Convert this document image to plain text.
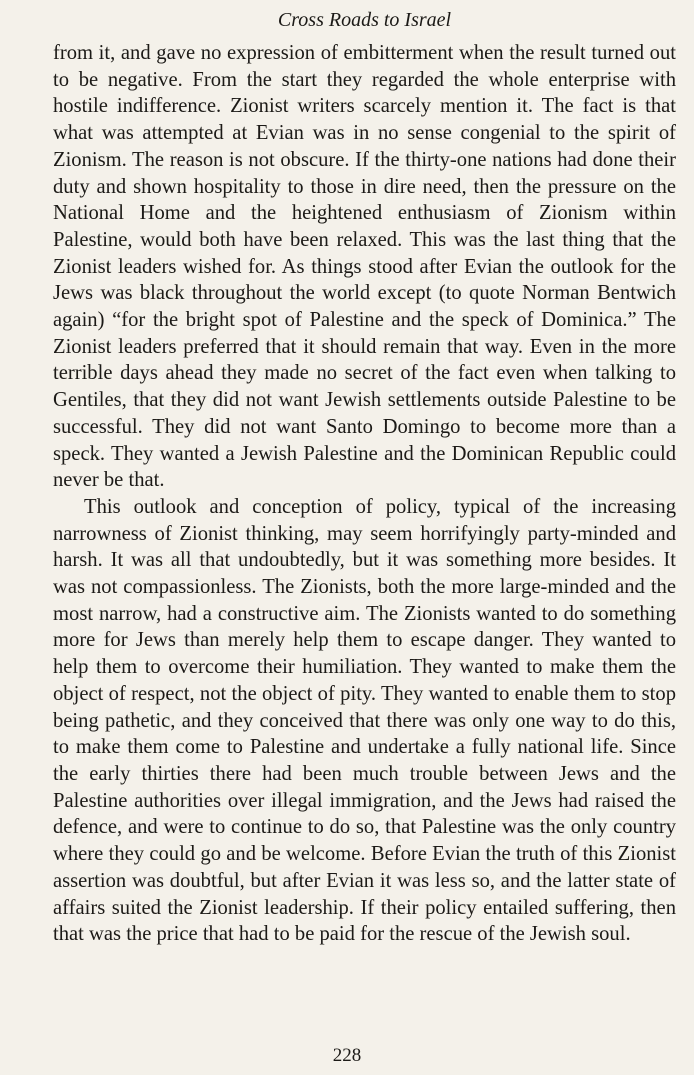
Cross Roads to Israel

from it, and gave no expression of embitterment when the result turned out to be negative. From the start they regarded the whole enterprise with hostile indifference. Zionist writers scarcely mention it. The fact is that what was attempted at Evian was in no sense congenial to the spirit of Zionism. The reason is not obscure. If the thirty-one nations had done their duty and shown hospitality to those in dire need, then the pressure on the National Home and the heightened enthusiasm of Zionism within Palestine, would both have been relaxed. This was the last thing that the Zionist leaders wished for. As things stood after Evian the outlook for the Jews was black throughout the world except (to quote Norman Bentwich again) “for the bright spot of Palestine and the speck of Dominica.” The Zionist leaders preferred that it should remain that way. Even in the more terrible days ahead they made no secret of the fact even when talking to Gentiles, that they did not want Jewish settlements outside Palestine to be successful. They did not want Santo Domingo to become more than a speck. They wanted a Jewish Palestine and the Dominican Republic could never be that.

This outlook and conception of policy, typical of the increasing narrowness of Zionist thinking, may seem horrifyingly party-minded and harsh. It was all that undoubtedly, but it was something more besides. It was not compassionless. The Zionists, both the more large-minded and the most narrow, had a constructive aim. The Zionists wanted to do something more for Jews than merely help them to escape danger. They wanted to help them to overcome their humiliation. They wanted to make them the object of respect, not the object of pity. They wanted to enable them to stop being pathetic, and they conceived that there was only one way to do this, to make them come to Palestine and undertake a fully national life. Since the early thirties there had been much trouble between Jews and the Palestine authorities over illegal immigration, and the Jews had raised the defence, and were to continue to do so, that Palestine was the only country where they could go and be welcome. Before Evian the truth of this Zionist assertion was doubtful, but after Evian it was less so, and the latter state of affairs suited the Zionist leadership. If their policy entailed suffering, then that was the price that had to be paid for the rescue of the Jewish soul.

228
